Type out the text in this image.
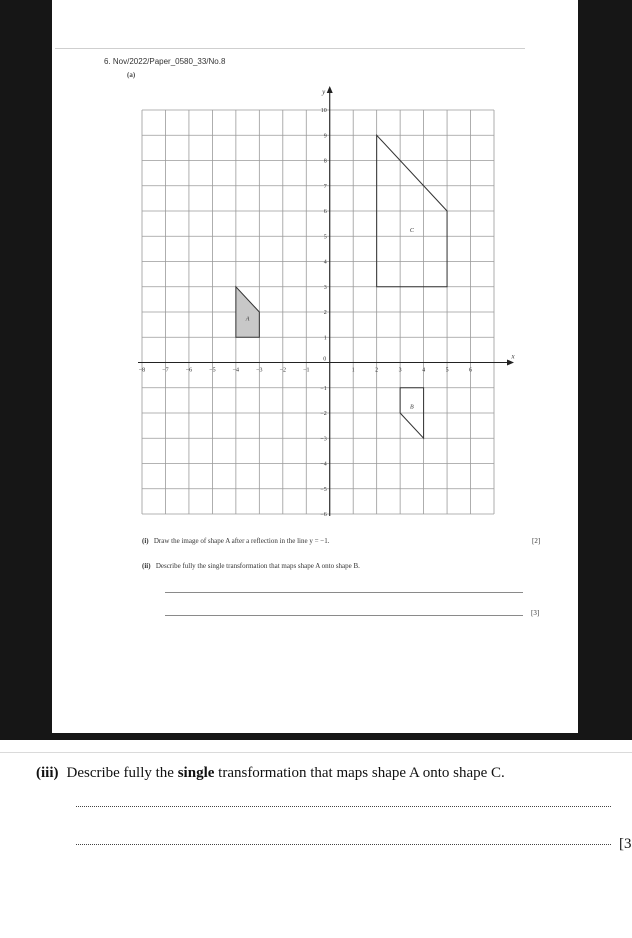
6. Nov/2022/Paper_0580_33/No.8
(a)
x
y
0
−8	−7	−6	−5	−4	−3	−2	−1	1	2	3	4	5	6
10
9
8
7
6
5
4
3
2
1
−1
−2
−3
−4
−5
−6
A
B
C
(i) Draw the image of shape A after a reflection in the line y = −1.	[2]
(ii) Describe fully the single transformation that maps shape A onto shape B.
[3]
(iii) Describe fully the single transformation that maps shape A onto shape C.
[3
